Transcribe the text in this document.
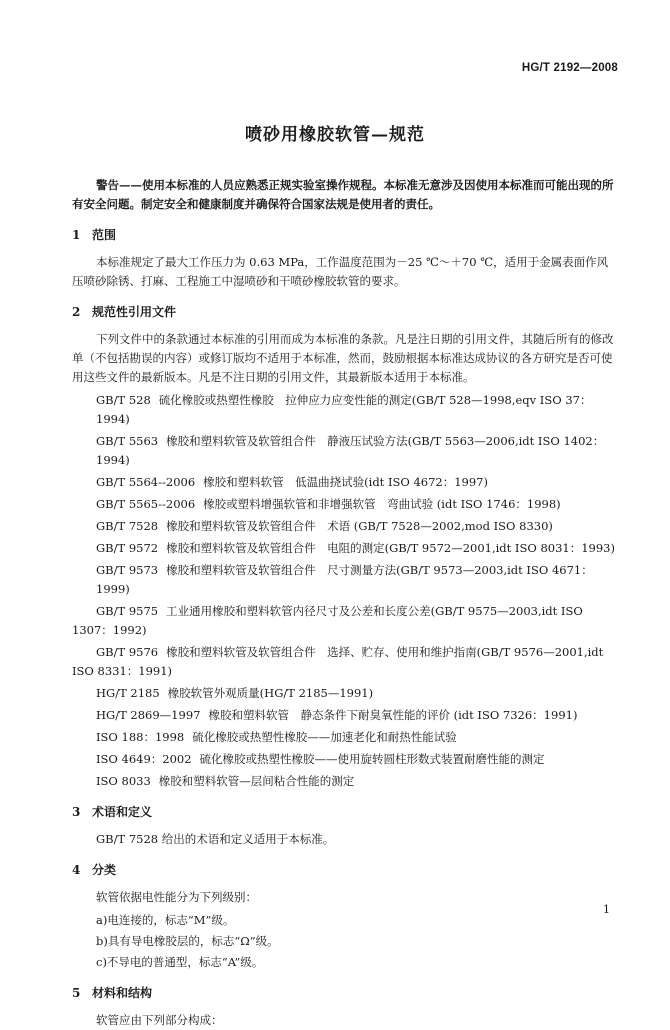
HG/T 2192—2008
喷砂用橡胶软管—规范

警告——使用本标准的人员应熟悉正规实验室操作规程。本标准无意涉及因使用本标准而可能出现的所有安全问题。制定安全和健康制度并确保符合国家法规是使用者的责任。

1 范围

本标准规定了最大工作压力为 0.63 MPa，工作温度范围为－25 ℃～＋70 ℃，适用于金属表面作风压喷砂除锈、打麻、工程施工中湿喷砂和干喷砂橡胶软管的要求。

2 规范性引用文件

下列文件中的条款通过本标准的引用而成为本标准的条款。凡是注日期的引用文件，其随后所有的修改单（不包括勘误的内容）或修订版均不适用于本标准，然而，鼓励根据本标准达成协议的各方研究是否可使用这些文件的最新版本。凡是不注日期的引用文件，其最新版本适用于本标准。

GB/T 528 硫化橡胶或热塑性橡胶　拉伸应力应变性能的测定(GB/T 528—1998,eqv ISO 37：1994)
GB/T 5563 橡胶和塑料软管及软管组合件　静液压试验方法(GB/T 5563—2006,idt ISO 1402：1994)
GB/T 5564--2006 橡胶和塑料软管　低温曲挠试验(idt ISO 4672：1997)
GB/T 5565--2006 橡胶或塑料增强软管和非增强软管　弯曲试验 (idt ISO 1746：1998)
GB/T 7528 橡胶和塑料软管及软管组合件　术语 (GB/T 7528—2002,mod ISO 8330)
GB/T 9572 橡胶和塑料软管及软管组合件　电阻的测定(GB/T 9572—2001,idt ISO 8031：1993)
GB/T 9573 橡胶和塑料软管及软管组合件　尺寸测量方法(GB/T 9573—2003,idt ISO 4671：1999)
GB/T 9575 工业通用橡胶和塑料软管内径尺寸及公差和长度公差(GB/T 9575—2003,idt ISO 1307：1992)
GB/T 9576 橡胶和塑料软管及软管组合件　选择、贮存、使用和维护指南(GB/T 9576—2001,idt ISO 8331：1991)
HG/T 2185 橡胶软管外观质量(HG/T 2185—1991)
HG/T 2869—1997 橡胶和塑料软管　静态条件下耐臭氧性能的评价 (idt ISO 7326：1991)
ISO 188：1998 硫化橡胶或热塑性橡胶——加速老化和耐热性能试验
ISO 4649：2002 硫化橡胶或热塑性橡胶——使用旋转圆柱形数式装置耐磨性能的测定
ISO 8033 橡胶和塑料软管—层间粘合性能的测定
3 术语和定义

GB/T 7528 给出的术语和定义适用于本标准。

4 分类

软管依据电性能分为下列级别：

a)电连接的，标志“M”级。
b)具有导电橡胶层的，标志“Ω”级。
c)不导电的普通型，标志“A”级。
5 材料和结构

软管应由下列部分构成：

1
